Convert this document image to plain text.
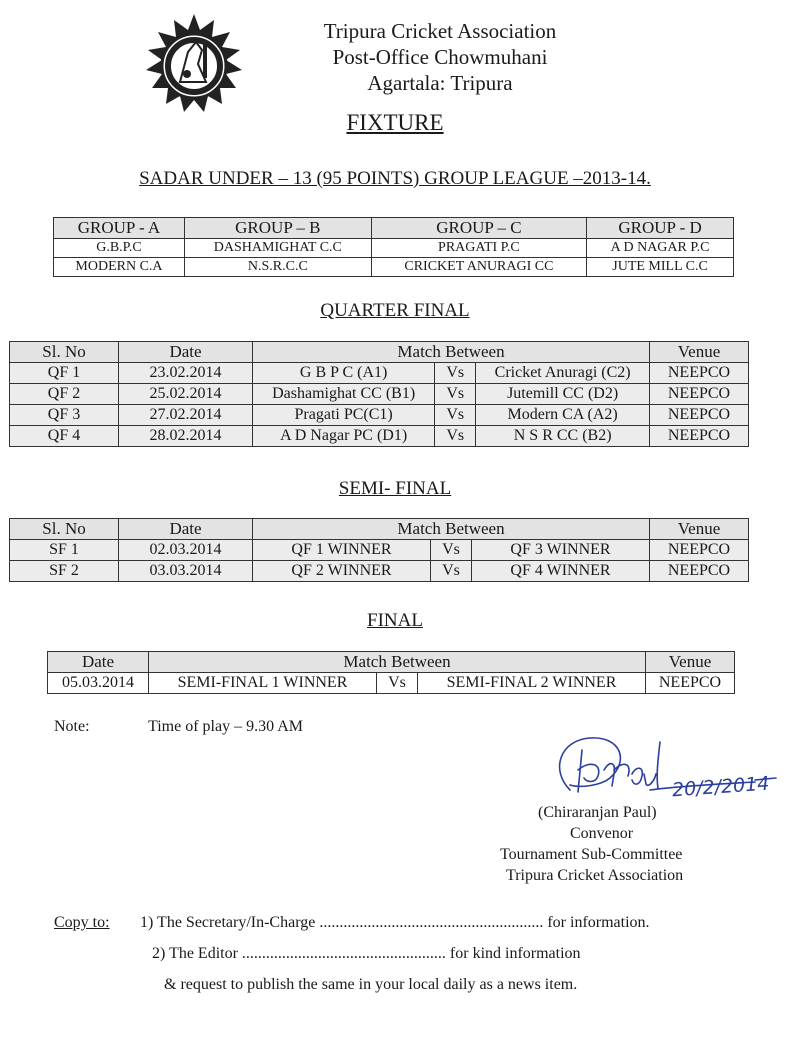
Tripura Cricket Association
Post-Office Chowmuhani
Agartala: Tripura
FIXTURE
SADAR UNDER – 13 (95 POINTS) GROUP LEAGUE –2013-14.
GROUP - A	GROUP – B	GROUP – C	GROUP - D
G.B.P.C	DASHAMIGHAT C.C	PRAGATI P.C	A D NAGAR P.C
MODERN C.A	N.S.R.C.C	CRICKET ANURAGI CC	JUTE MILL C.C
QUARTER FINAL
Sl. No	Date	Match Between			Venue
QF 1	23.02.2014	G B P C (A1)	Vs	Cricket Anuragi (C2)	NEEPCO
QF 2	25.02.2014	Dashamighat CC (B1)	Vs	Jutemill CC (D2)	NEEPCO
QF 3	27.02.2014	Pragati PC(C1)	Vs	Modern CA (A2)	NEEPCO
QF 4	28.02.2014	A D Nagar PC (D1)	Vs	N S R CC (B2)	NEEPCO
SEMI- FINAL
Sl. No	Date	Match Between			Venue
SF 1	02.03.2014	QF 1 WINNER	Vs	QF 3 WINNER	NEEPCO
SF 2	03.03.2014	QF 2 WINNER	Vs	QF 4 WINNER	NEEPCO
FINAL
Date	Match Between			Venue
05.03.2014	SEMI-FINAL 1 WINNER	Vs	SEMI-FINAL 2 WINNER	NEEPCO
Note:	Time of play – 9.30 AM
20/2/2014
(Chiraranjan Paul)
Convenor
Tournament Sub-Committee
Tripura Cricket Association
Copy to: 1) The Secretary/In-Charge ........................................................ for information.
2) The Editor ................................................... for kind information
& request to publish the same in your local daily as a news item.
